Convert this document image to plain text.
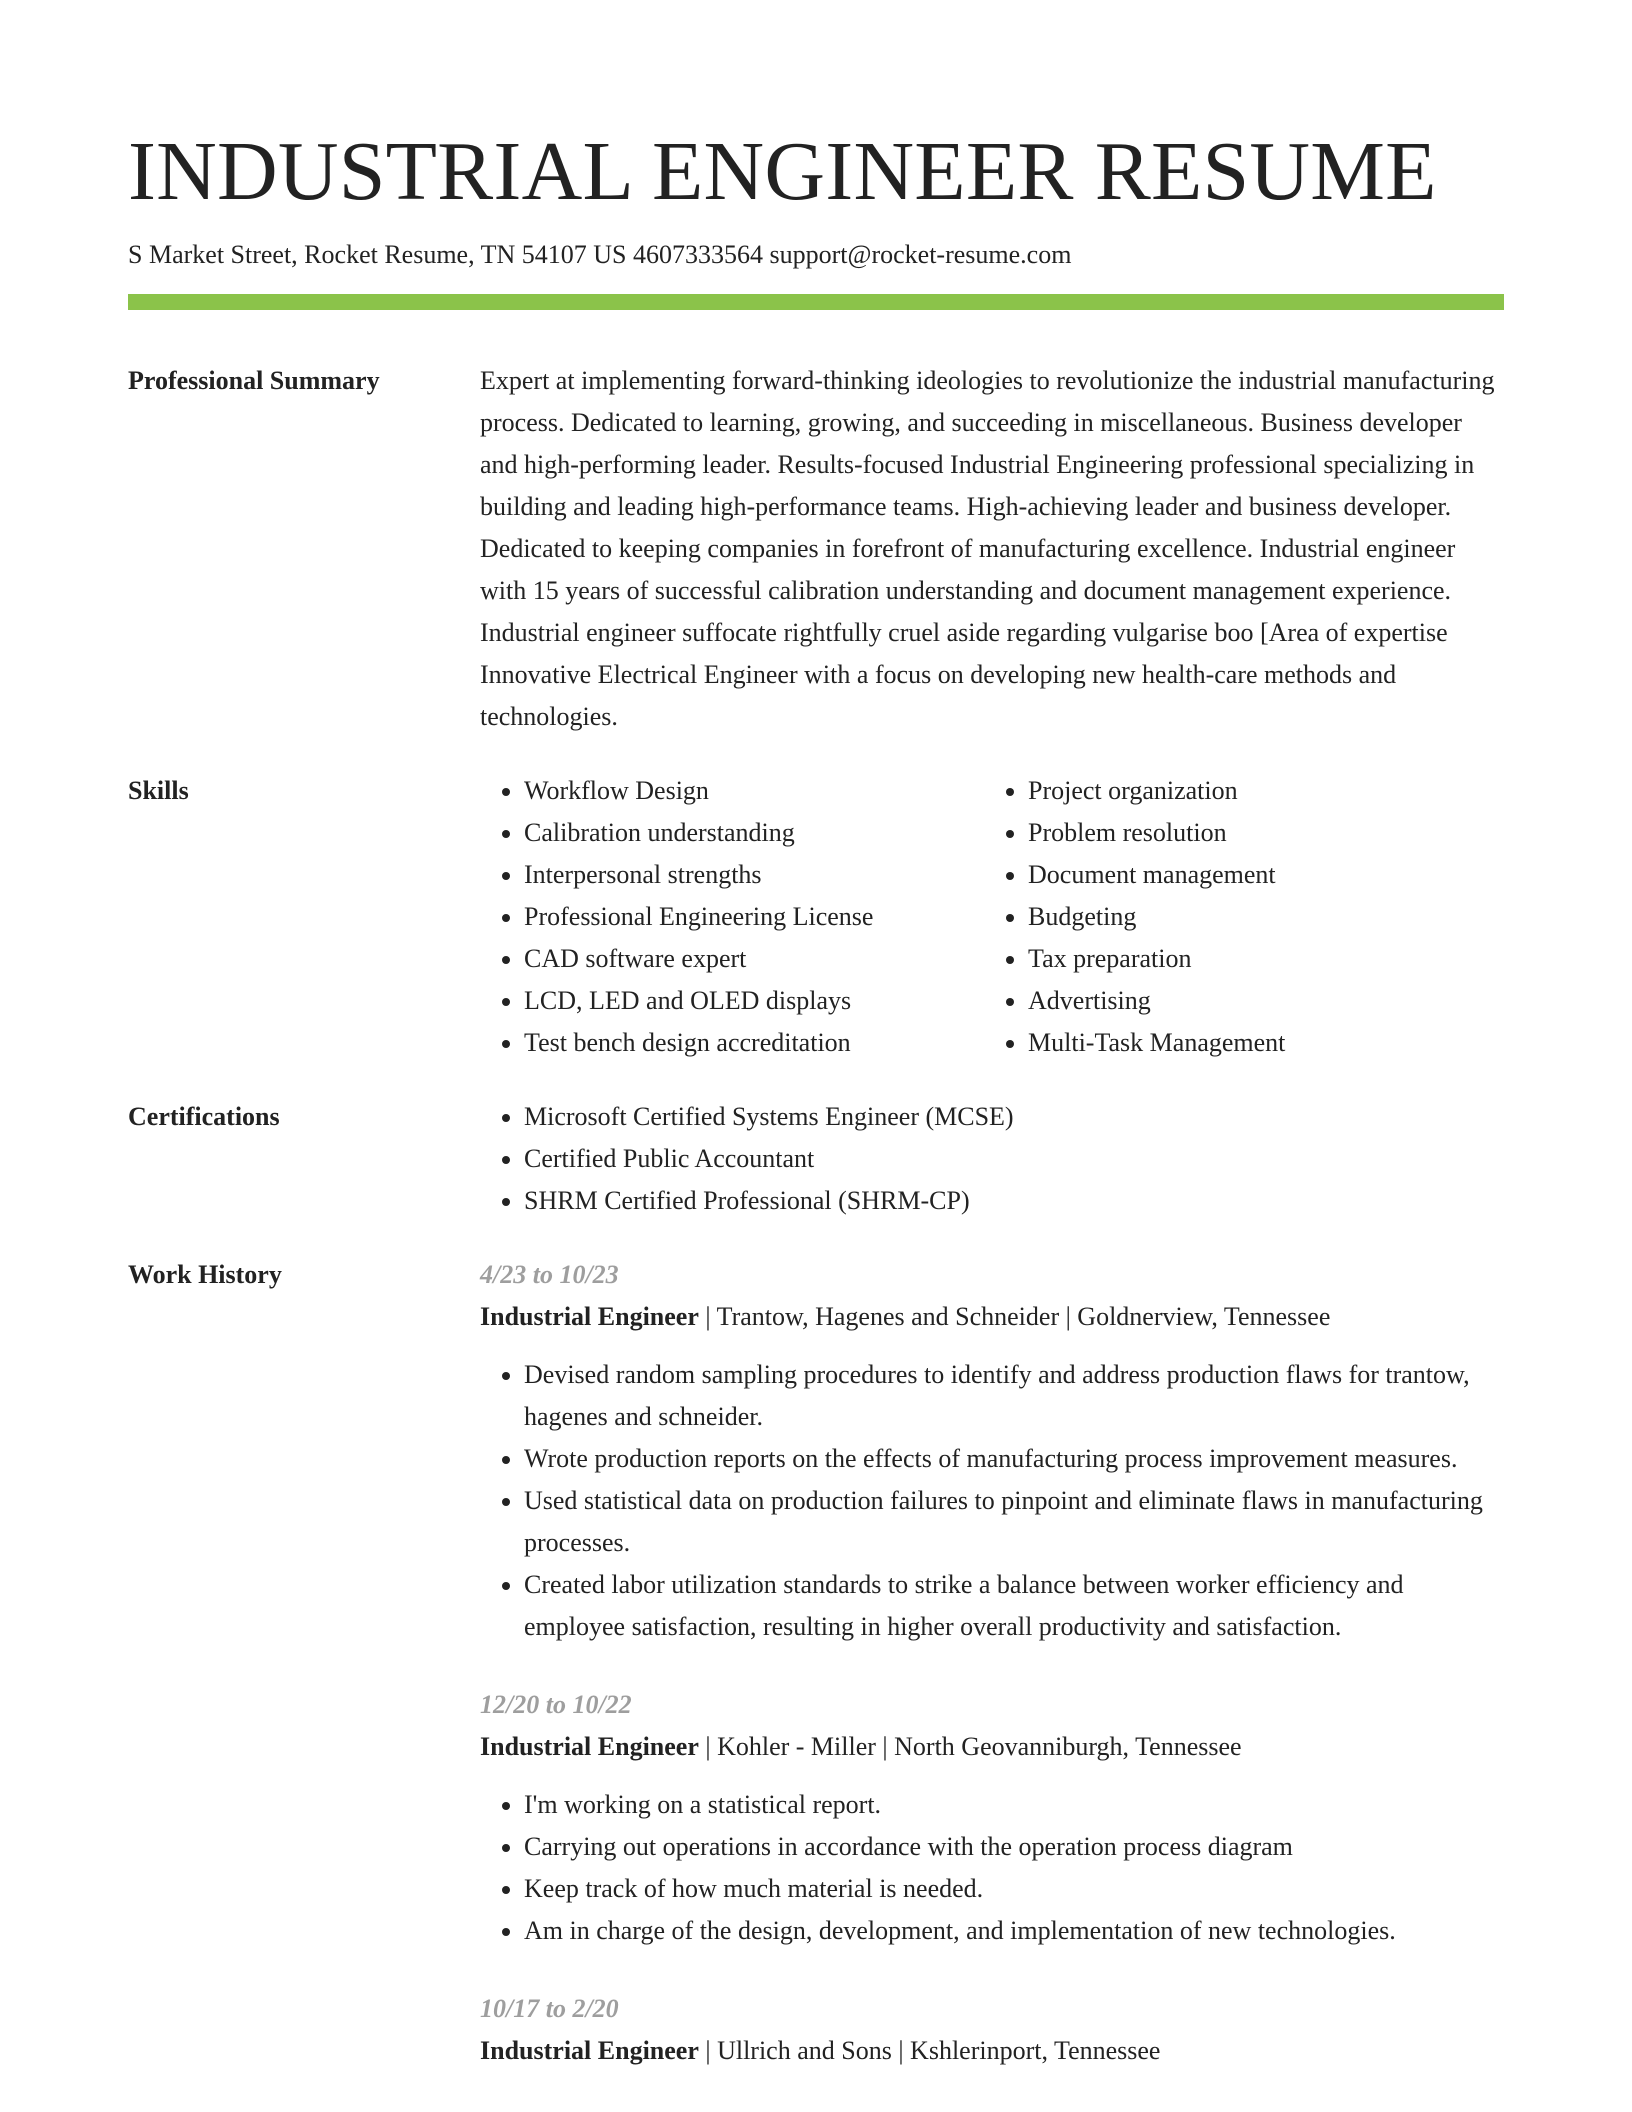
INDUSTRIAL ENGINEER RESUME
S Market Street, Rocket Resume, TN 54107 US 4607333564 support@rocket-resume.com
Professional Summary	Expert at implementing forward-thinking ideologies to revolutionize the industrial manufacturing process. Dedicated to learning, growing, and succeeding in miscellaneous. Business developer and high-performing leader. Results-focused Industrial Engineering professional specializing in building and leading high-performance teams. High-achieving leader and business developer. Dedicated to keeping companies in forefront of manufacturing excellence. Industrial engineer with 15 years of successful calibration understanding and document management experience. Industrial engineer suffocate rightfully cruel aside regarding vulgarise boo [Area of expertise Innovative Electrical Engineer with a focus on developing new health-care methods and technologies.
Skills	• Workflow Design
• Calibration understanding
• Interpersonal strengths
• Professional Engineering License
• CAD software expert
• LCD, LED and OLED displays
• Test bench design accreditation
• Project organization
• Problem resolution
• Document management
• Budgeting
• Tax preparation
• Advertising
• Multi-Task Management
Certifications	• Microsoft Certified Systems Engineer (MCSE)
• Certified Public Accountant
• SHRM Certified Professional (SHRM-CP)
Work History	4/23 to 10/23
Industrial Engineer | Trantow, Hagenes and Schneider | Goldnerview, Tennessee
• Devised random sampling procedures to identify and address production flaws for trantow, hagenes and schneider.
• Wrote production reports on the effects of manufacturing process improvement measures.
• Used statistical data on production failures to pinpoint and eliminate flaws in manufacturing processes.
• Created labor utilization standards to strike a balance between worker efficiency and employee satisfaction, resulting in higher overall productivity and satisfaction.
12/20 to 10/22
Industrial Engineer | Kohler - Miller | North Geovanniburgh, Tennessee
• I'm working on a statistical report.
• Carrying out operations in accordance with the operation process diagram
• Keep track of how much material is needed.
• Am in charge of the design, development, and implementation of new technologies.
10/17 to 2/20
Industrial Engineer | Ullrich and Sons | Kshlerinport, Tennessee
